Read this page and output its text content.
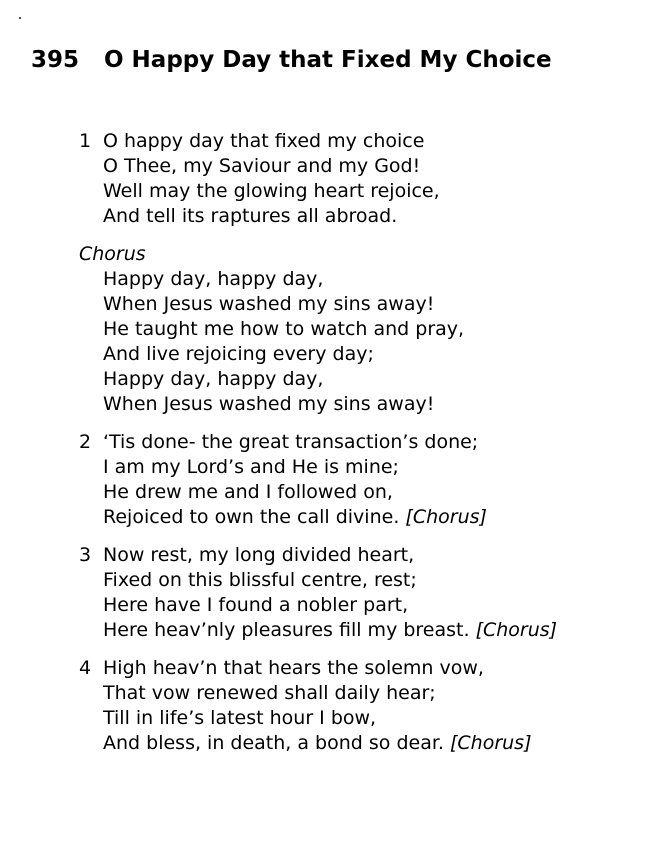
395 O Happy Day that Fixed My Choice
1 O happy day that fixed my choice
O Thee, my Saviour and my God!
Well may the glowing heart rejoice,
And tell its raptures all abroad.
Chorus
Happy day, happy day,
When Jesus washed my sins away!
He taught me how to watch and pray,
And live rejoicing every day;
Happy day, happy day,
When Jesus washed my sins away!
2 ‘Tis done- the great transaction’s done;
I am my Lord’s and He is mine;
He drew me and I followed on,
Rejoiced to own the call divine. [Chorus]
3 Now rest, my long divided heart,
Fixed on this blissful centre, rest;
Here have I found a nobler part,
Here heav’nly pleasures fill my breast. [Chorus]
4 High heav’n that hears the solemn vow,
That vow renewed shall daily hear;
Till in life’s latest hour I bow,
And bless, in death, a bond so dear. [Chorus]
